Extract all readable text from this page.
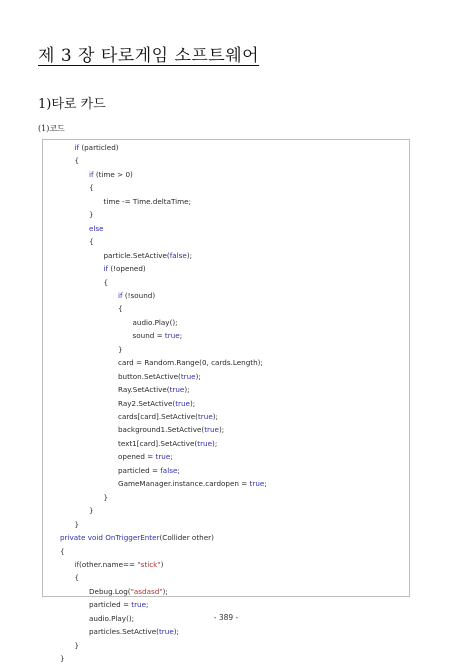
제 3 장 타로게임 소프트웨어
1)타로 카드
(1)코드
if (particled)
{
if (time > 0)
{
time -= Time.deltaTime;
}
else
{
particle.SetActive(false);
if (!opened)
{
if (!sound)
{
audio.Play();
sound = true;
}
card = Random.Range(0, cards.Length);
button.SetActive(true);
Ray.SetActive(true);
Ray2.SetActive(true);
cards[card].SetActive(true);
background1.SetActive(true);
text1[card].SetActive(true);
opened = true;
particled = false;
GameManager.instance.cardopen = true;
}
}
}
private void OnTriggerEnter(Collider other)
{
if(other.name== "stick")
{
Debug.Log("asdasd");
particled = true;
audio.Play();
particles.SetActive(true);
}
}
- 389 -
